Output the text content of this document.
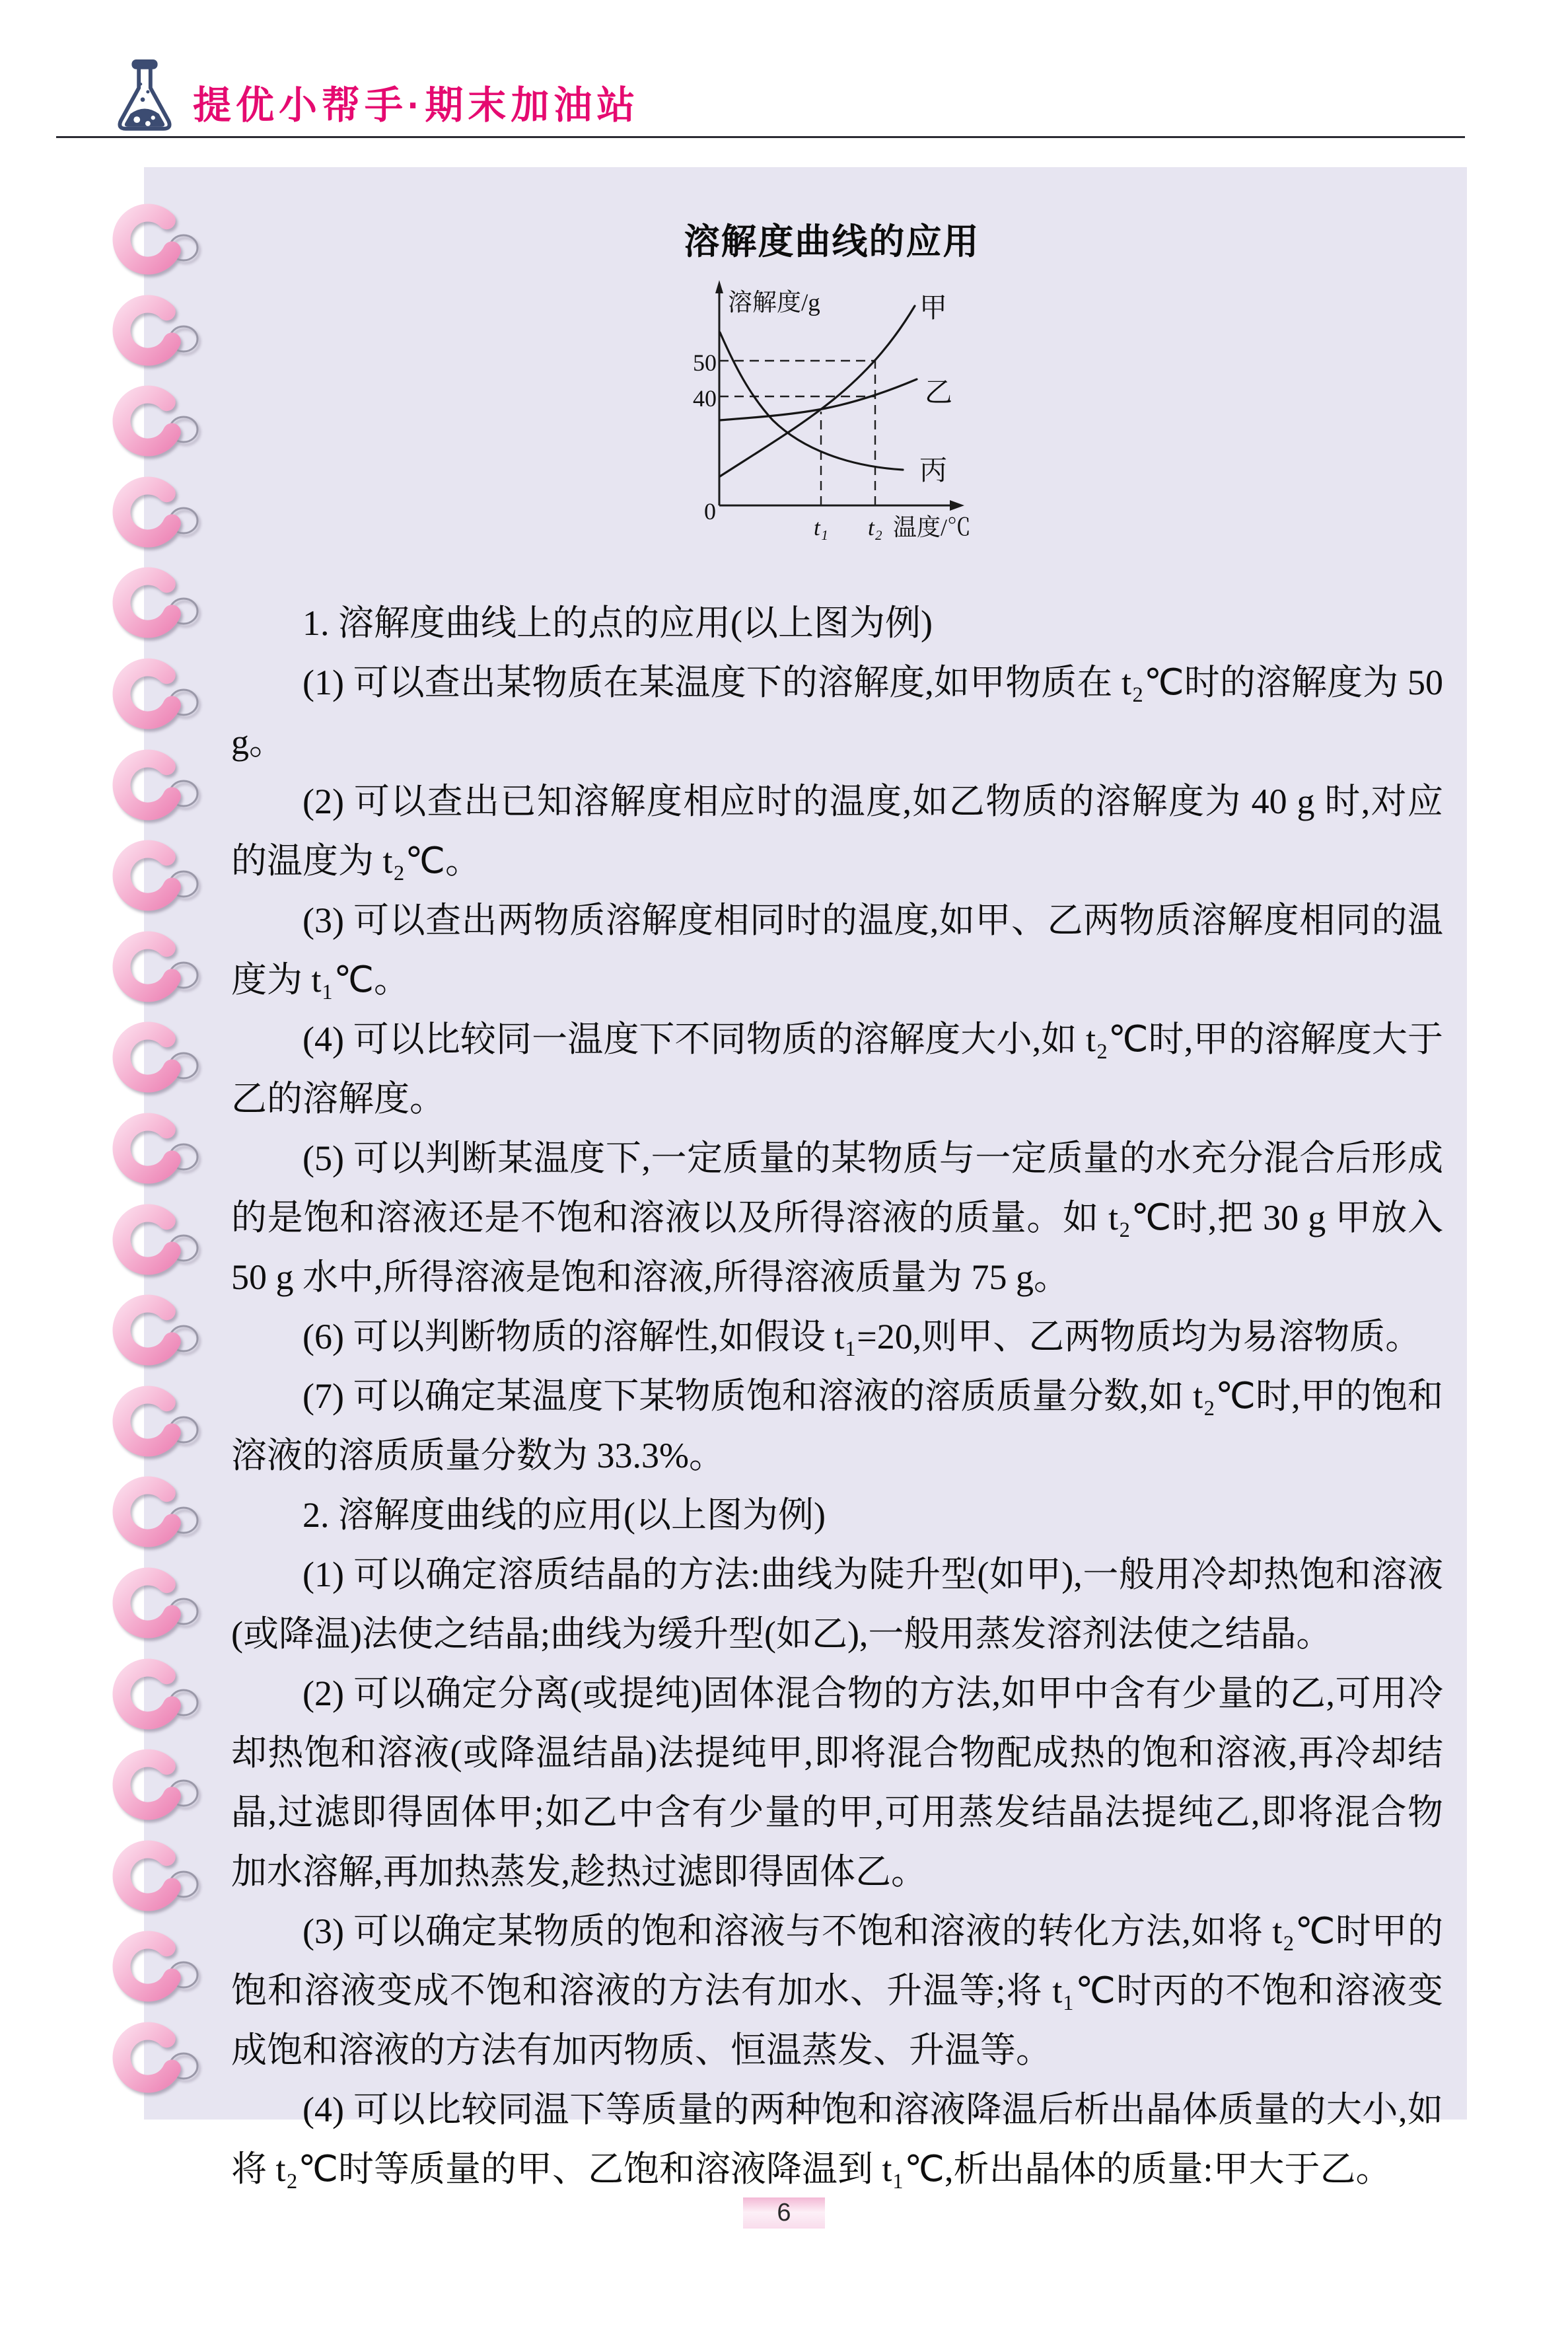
提优小帮手·期末加油站
溶解度曲线的应用
溶解度/g
50
40
0
t₁ t₂ 温度/℃
甲
乙
丙

1. 溶解度曲线上的点的应用(以上图为例)

(1) 可以查出某物质在某温度下的溶解度,如甲物质在 t₂℃时的溶解度为 50 g。

(2) 可以查出已知溶解度相应时的温度,如乙物质的溶解度为 40 g 时,对应的温度为 t₂℃。

(3) 可以查出两物质溶解度相同时的温度,如甲、乙两物质溶解度相同的温度为 t₁℃。

(4) 可以比较同一温度下不同物质的溶解度大小,如 t₂℃时,甲的溶解度大于乙的溶解度。

(5) 可以判断某温度下,一定质量的某物质与一定质量的水充分混合后形成的是饱和溶液还是不饱和溶液以及所得溶液的质量。如 t₂℃时,把 30 g 甲放入 50 g 水中,所得溶液是饱和溶液,所得溶液质量为 75 g。

(6) 可以判断物质的溶解性,如假设 t₁=20,则甲、乙两物质均为易溶物质。

(7) 可以确定某温度下某物质饱和溶液的溶质质量分数,如 t₂℃时,甲的饱和溶液的溶质质量分数为 33.3%。

2. 溶解度曲线的应用(以上图为例)

(1) 可以确定溶质结晶的方法:曲线为陡升型(如甲),一般用冷却热饱和溶液(或降温)法使之结晶;曲线为缓升型(如乙),一般用蒸发溶剂法使之结晶。

(2) 可以确定分离(或提纯)固体混合物的方法,如甲中含有少量的乙,可用冷却热饱和溶液(或降温结晶)法提纯甲,即将混合物配成热的饱和溶液,再冷却结晶,过滤即得固体甲;如乙中含有少量的甲,可用蒸发结晶法提纯乙,即将混合物加水溶解,再加热蒸发,趁热过滤即得固体乙。

(3) 可以确定某物质的饱和溶液与不饱和溶液的转化方法,如将 t₂℃时甲的饱和溶液变成不饱和溶液的方法有加水、升温等;将 t₁℃时丙的不饱和溶液变成饱和溶液的方法有加丙物质、恒温蒸发、升温等。

(4) 可以比较同温下等质量的两种饱和溶液降温后析出晶体质量的大小,如将 t₂℃时等质量的甲、乙饱和溶液降温到 t₁℃,析出晶体的质量:甲大于乙。

6
